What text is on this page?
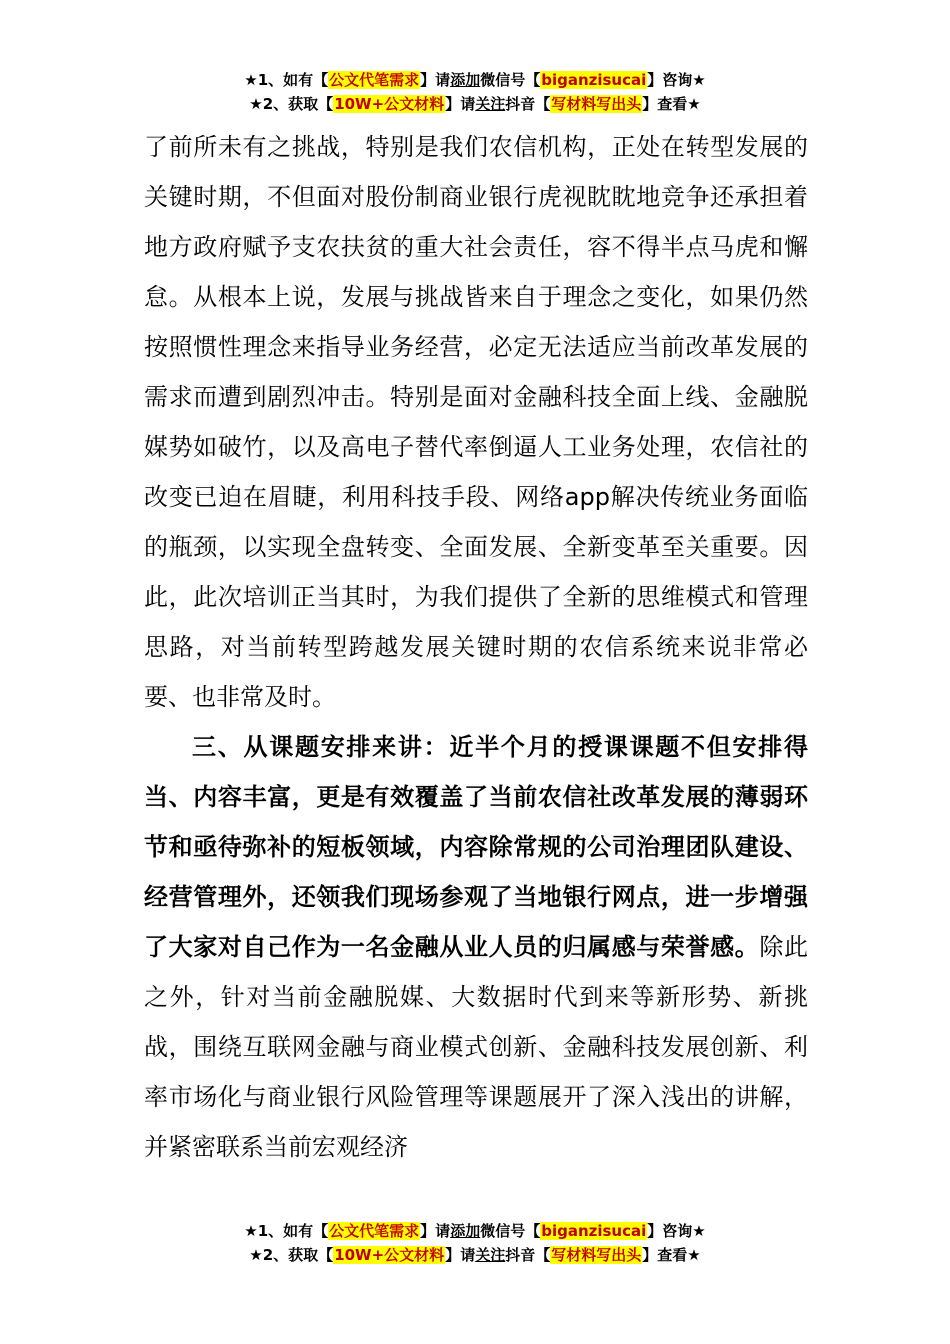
★1、如有【公文代笔需求】请添加微信号【biganzisucai】咨询★
★2、获取【10W+公文材料】请关注抖音【写材料写出头】查看★

了前所未有之挑战，特别是我们农信机构，正处在转型发展的关键时期，不但面对股份制商业银行虎视眈眈地竞争还承担着地方政府赋予支农扶贫的重大社会责任，容不得半点马虎和懈怠。从根本上说，发展与挑战皆来自于理念之变化，如果仍然按照惯性理念来指导业务经营，必定无法适应当前改革发展的需求而遭到剧烈冲击。特别是面对金融科技全面上线、金融脱媒势如破竹，以及高电子替代率倒逼人工业务处理，农信社的改变已迫在眉睫，利用科技手段、网络app解决传统业务面临的瓶颈，以实现全盘转变、全面发展、全新变革至关重要。因此，此次培训正当其时，为我们提供了全新的思维模式和管理思路，对当前转型跨越发展关键时期的农信系统来说非常必要、也非常及时。

三、从课题安排来讲：近半个月的授课课题不但安排得当、内容丰富，更是有效覆盖了当前农信社改革发展的薄弱环节和亟待弥补的短板领域，内容除常规的公司治理团队建设、经营管理外，还领我们现场参观了当地银行网点，进一步增强了大家对自己作为一名金融从业人员的归属感与荣誉感。除此之外，针对当前金融脱媒、大数据时代到来等新形势、新挑战，围绕互联网金融与商业模式创新、金融科技发展创新、利率市场化与商业银行风险管理等课题展开了深入浅出的讲解，并紧密联系当前宏观经济

★1、如有【公文代笔需求】请添加微信号【biganzisucai】咨询★
★2、获取【10W+公文材料】请关注抖音【写材料写出头】查看★
